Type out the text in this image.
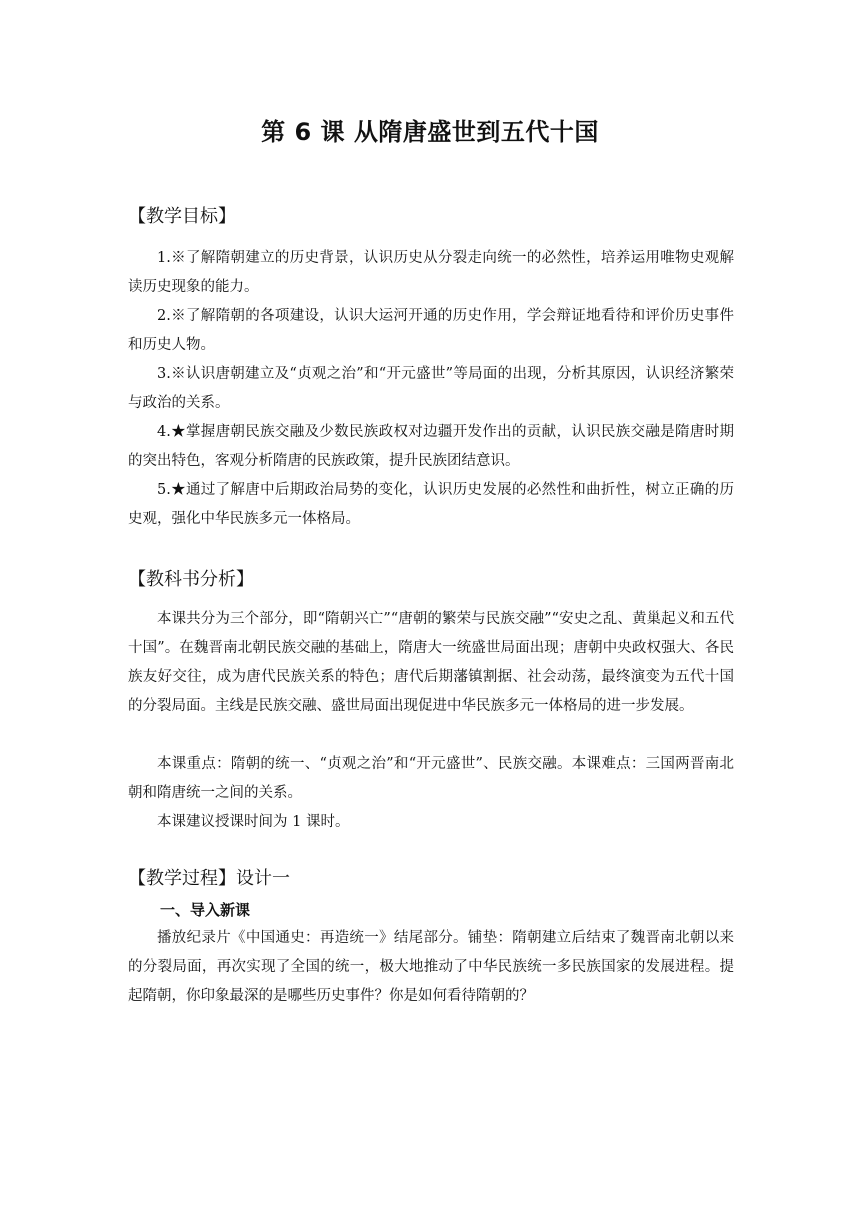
第 6 课 从隋唐盛世到五代十国
【教学目标】

1.※了解隋朝建立的历史背景，认识历史从分裂走向统一的必然性，培养运用唯物史观解读历史现象的能力。

2.※了解隋朝的各项建设，认识大运河开通的历史作用，学会辩证地看待和评价历史事件和历史人物。

3.※认识唐朝建立及“贞观之治”和“开元盛世”等局面的出现，分析其原因，认识经济繁荣与政治的关系。

4.★掌握唐朝民族交融及少数民族政权对边疆开发作出的贡献，认识民族交融是隋唐时期的突出特色，客观分析隋唐的民族政策，提升民族团结意识。

5.★通过了解唐中后期政治局势的变化，认识历史发展的必然性和曲折性，树立正确的历史观，强化中华民族多元一体格局。

【教科书分析】

本课共分为三个部分，即“隋朝兴亡”“唐朝的繁荣与民族交融”“安史之乱、黄巢起义和五代十国”。在魏晋南北朝民族交融的基础上，隋唐大一统盛世局面出现；唐朝中央政权强大、各民族友好交往，成为唐代民族关系的特色；唐代后期藩镇割据、社会动荡，最终演变为五代十国的分裂局面。主线是民族交融、盛世局面出现促进中华民族多元一体格局的进一步发展。

本课重点：隋朝的统一、“贞观之治”和“开元盛世”、民族交融。本课难点：三国两晋南北朝和隋唐统一之间的关系。

本课建议授课时间为 1 课时。

【教学过程】设计一
一、导入新课

播放纪录片《中国通史：再造统一》结尾部分。铺垫：隋朝建立后结束了魏晋南北朝以来的分裂局面，再次实现了全国的统一，极大地推动了中华民族统一多民族国家的发展进程。提起隋朝，你印象最深的是哪些历史事件？你是如何看待隋朝的？
